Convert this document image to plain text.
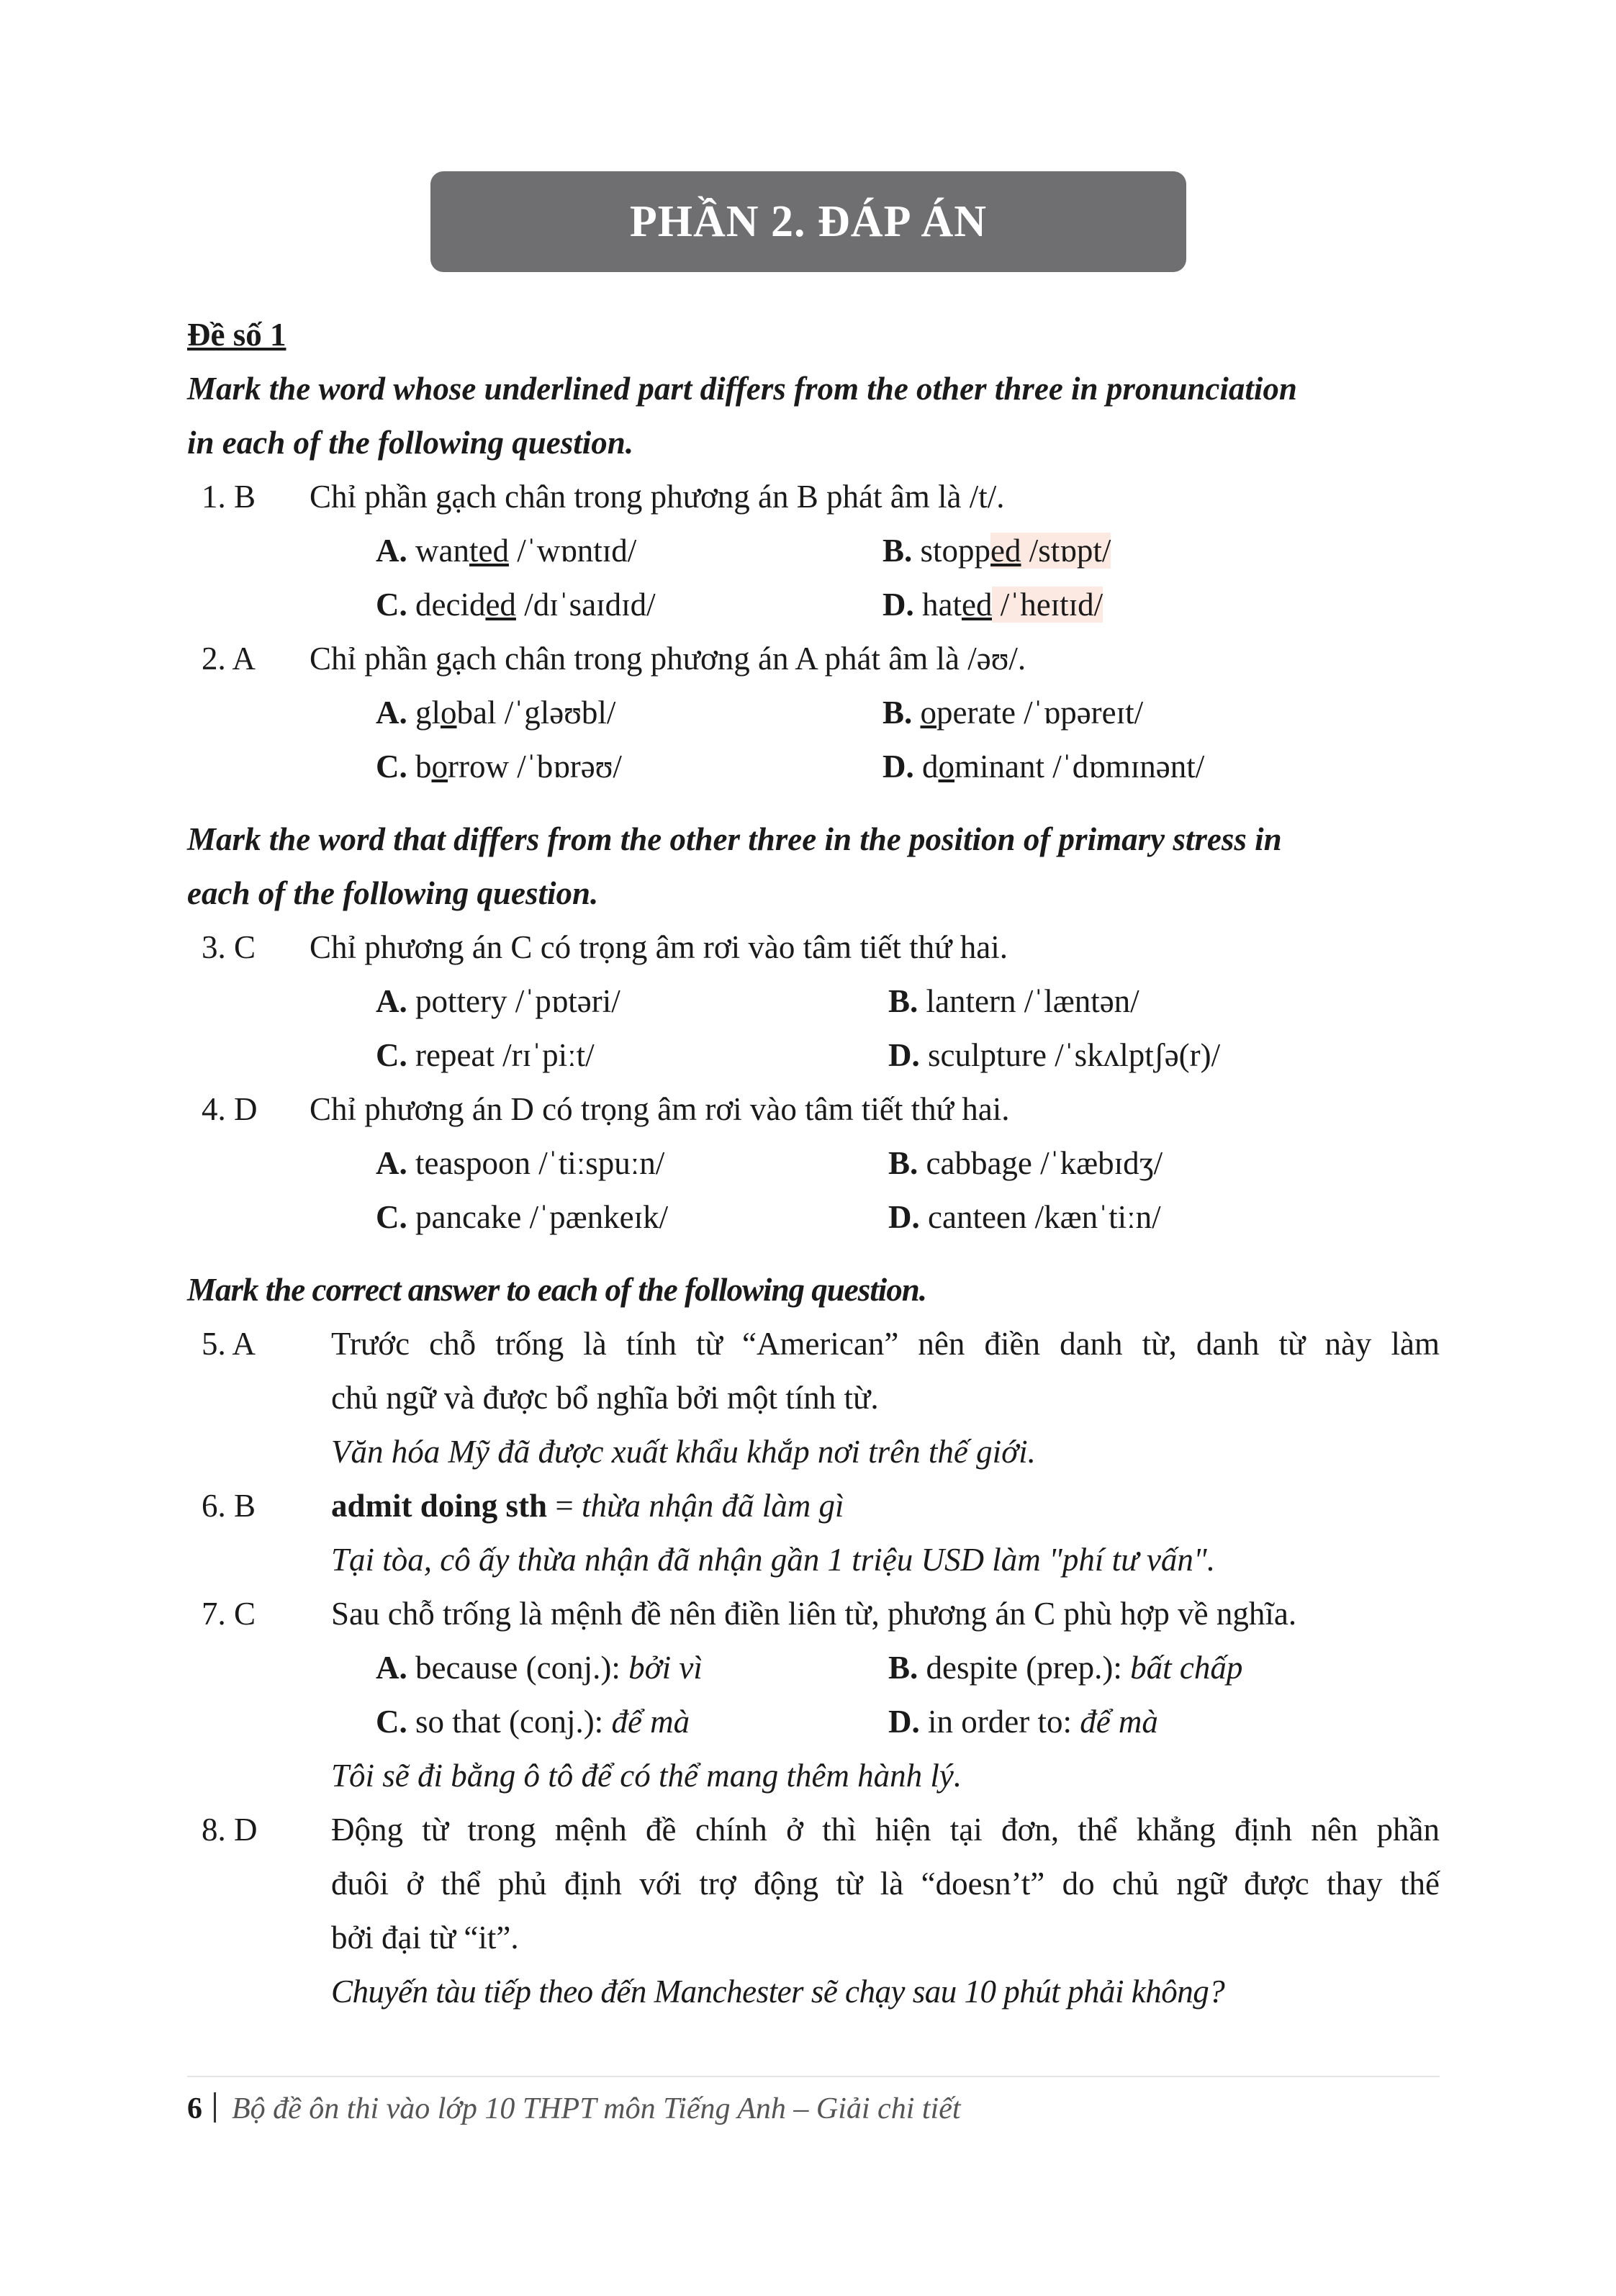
PHẦN 2. ĐÁP ÁN
Đề số 1
Mark the word whose underlined part differs from the other three in pronunciation
in each of the following question.
1. B Chỉ phần gạch chân trong phương án B phát âm là /t/.
A. wanted /ˈwɒntɪd/	B. stopped /stɒpt/
C. decided /dɪˈsaɪdɪd/	D. hated /ˈheɪtɪd/
2. A Chỉ phần gạch chân trong phương án A phát âm là /əʊ/.
A. global /ˈgləʊbl/	B. operate /ˈɒpəreɪt/
C. borrow /ˈbɒrəʊ/	D. dominant /ˈdɒmɪnənt/
Mark the word that differs from the other three in the position of primary stress in
each of the following question.
3. C Chỉ phương án C có trọng âm rơi vào tâm tiết thứ hai.
A. pottery /ˈpɒtəri/	B. lantern /ˈlæntən/
C. repeat /rɪˈpiːt/	D. sculpture /ˈskʌlptʃə(r)/
4. D Chỉ phương án D có trọng âm rơi vào tâm tiết thứ hai.
A. teaspoon /ˈtiːspuːn/	B. cabbage /ˈkæbɪdʒ/
C. pancake /ˈpænkeɪk/	D. canteen /kænˈtiːn/
Mark the correct answer to each of the following question.
5. A Trước chỗ trống là tính từ “American” nên điền danh từ, danh từ này làm
chủ ngữ và được bổ nghĩa bởi một tính từ.
Văn hóa Mỹ đã được xuất khẩu khắp nơi trên thế giới.
6. B admit doing sth = thừa nhận đã làm gì
Tại tòa, cô ấy thừa nhận đã nhận gần 1 triệu USD làm "phí tư vấn".
7. C Sau chỗ trống là mệnh đề nên điền liên từ, phương án C phù hợp về nghĩa.
A. because (conj.): bởi vì	B. despite (prep.): bất chấp
C. so that (conj.): để mà	D. in order to: để mà
Tôi sẽ đi bằng ô tô để có thể mang thêm hành lý.
8. D Động từ trong mệnh đề chính ở thì hiện tại đơn, thể khẳng định nên phần
đuôi ở thể phủ định với trợ động từ là “doesn’t” do chủ ngữ được thay thế
bởi đại từ “it”.
Chuyến tàu tiếp theo đến Manchester sẽ chạy sau 10 phút phải không?
6 Bộ đề ôn thi vào lớp 10 THPT môn Tiếng Anh – Giải chi tiết
